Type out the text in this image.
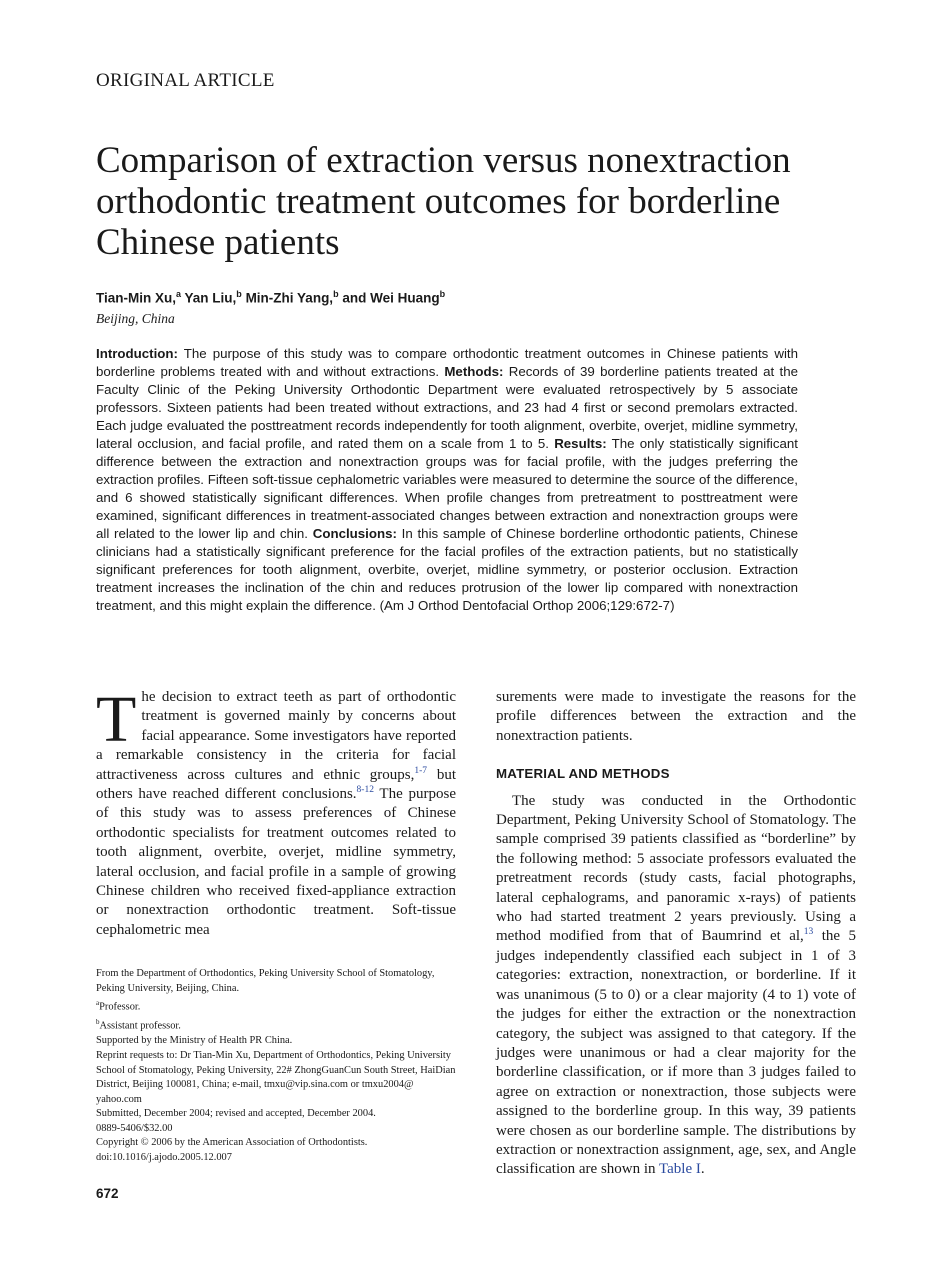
ORIGINAL ARTICLE
Comparison of extraction versus nonextraction orthodontic treatment outcomes for borderline Chinese patients
Tian-Min Xu,$^a$ Yan Liu,$^b$ Min-Zhi Yang,$^b$ and Wei Huang$^b$
Beijing, China
Introduction: The purpose of this study was to compare orthodontic treatment outcomes in Chinese patients with borderline problems treated with and without extractions. Methods: Records of 39 borderline patients treated at the Faculty Clinic of the Peking University Orthodontic Department were evaluated retrospectively by 5 associate professors. Sixteen patients had been treated without extractions, and 23 had 4 first or second premolars extracted. Each judge evaluated the posttreatment records independently for tooth alignment, overbite, overjet, midline symmetry, lateral occlusion, and facial profile, and rated them on a scale from 1 to 5. Results: The only statistically significant difference between the extraction and nonextraction groups was for facial profile, with the judges preferring the extraction profiles. Fifteen soft-tissue cephalometric variables were measured to determine the source of the difference, and 6 showed statistically significant differences. When profile changes from pretreatment to posttreatment were examined, significant differences in treatment-associated changes between extraction and nonextraction groups were all related to the lower lip and chin. Conclusions: In this sample of Chinese borderline orthodontic patients, Chinese clinicians had a statistically significant preference for the facial profiles of the extraction patients, but no statistically significant preferences for tooth alignment, overbite, overjet, midline symmetry, or posterior occlusion. Extraction treatment increases the inclination of the chin and reduces protrusion of the lower lip compared with nonextraction treatment, and this might explain the difference. (Am J Orthod Dentofacial Orthop 2006;129:672-7)

The decision to extract teeth as part of orthodontic treatment is governed mainly by concerns about facial appearance. Some investigators have reported a remarkable consistency in the criteria for facial attractiveness across cultures and ethnic groups,$^{1-7}$ but others have reached different conclusions.$^{8-12}$ The purpose of this study was to assess preferences of Chinese orthodontic specialists for treatment outcomes related to tooth alignment, overbite, overjet, midline symmetry, lateral occlusion, and facial profile in a sample of growing Chinese children who received fixed-appliance extraction or nonextraction orthodontic treatment. Soft-tissue cephalometric mea

From the Department of Orthodontics, Peking University School of Stomatology, Peking University, Beijing, China.
$^a$Professor.
$^b$Assistant professor.
Supported by the Ministry of Health PR China.
Reprint requests to: Dr Tian-Min Xu, Department of Orthodontics, Peking University School of Stomatology, Peking University, 22# ZhongGuanCun South Street, HaiDian District, Beijing 100081, China; e-mail, tmxu@vip.sina.com or tmxu2004@
yahoo.com
Submitted, December 2004; revised and accepted, December 2004.
0889-5406/$32.00
Copyright © 2006 by the American Association of Orthodontists.
doi:10.1016/j.ajodo.2005.12.007

surements were made to investigate the reasons for the profile differences between the extraction and the nonextraction patients.

MATERIAL AND METHODS

The study was conducted in the Orthodontic Department, Peking University School of Stomatology. The sample comprised 39 patients classified as “borderline” by the following method: 5 associate professors evaluated the pretreatment records (study casts, facial photographs, lateral cephalograms, and panoramic x-rays) of patients who had started treatment 2 years previously. Using a method modified from that of Baumrind et al,$^{13}$ the 5 judges independently classified each subject in 1 of 3 categories: extraction, nonextraction, or borderline. If it was unanimous (5 to 0) or a clear majority (4 to 1) vote of the judges for either the extraction or the nonextraction category, the subject was assigned to that category. If the judges were unanimous or had a clear majority for the borderline classification, or if more than 3 judges failed to agree on extraction or nonextraction, those subjects were assigned to the borderline group. In this way, 39 patients were chosen as our borderline sample. The distributions by extraction or nonextraction assignment, age, sex, and Angle classification are shown in Table I.

672
